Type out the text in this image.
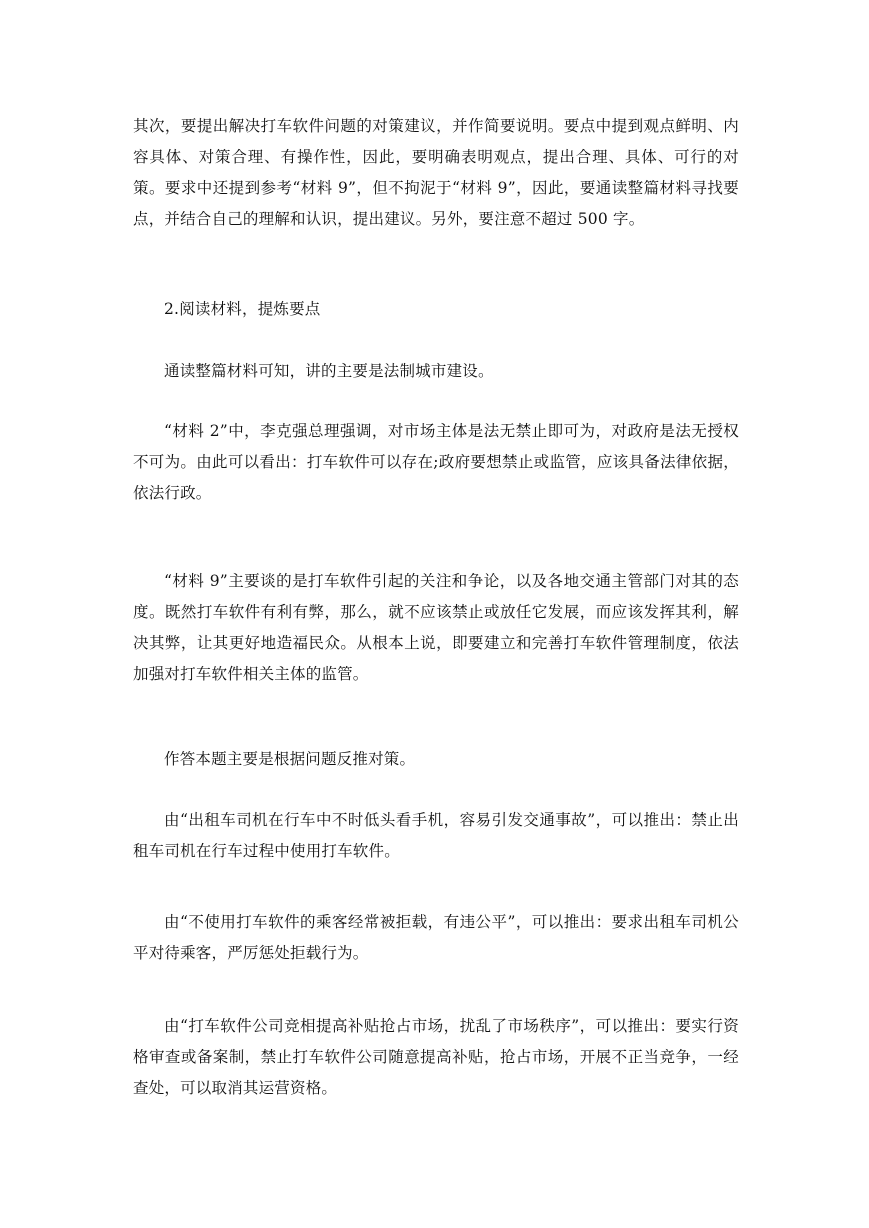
其次，要提出解决打车软件问题的对策建议，并作简要说明。要点中提到观点鲜明、内容具体、对策合理、有操作性，因此，要明确表明观点，提出合理、具体、可行的对策。要求中还提到参考“材料 9”，但不拘泥于“材料 9”，因此，要通读整篇材料寻找要点，并结合自己的理解和认识，提出建议。另外，要注意不超过 500 字。

2.阅读材料，提炼要点

通读整篇材料可知，讲的主要是法制城市建设。

“材料 2”中，李克强总理强调，对市场主体是法无禁止即可为，对政府是法无授权不可为。由此可以看出：打车软件可以存在;政府要想禁止或监管，应该具备法律依据，依法行政。

“材料 9”主要谈的是打车软件引起的关注和争论，以及各地交通主管部门对其的态度。既然打车软件有利有弊，那么，就不应该禁止或放任它发展，而应该发挥其利，解决其弊，让其更好地造福民众。从根本上说，即要建立和完善打车软件管理制度，依法加强对打车软件相关主体的监管。

作答本题主要是根据问题反推对策。

由“出租车司机在行车中不时低头看手机，容易引发交通事故”，可以推出：禁止出租车司机在行车过程中使用打车软件。

由“不使用打车软件的乘客经常被拒载，有违公平”，可以推出：要求出租车司机公平对待乘客，严厉惩处拒载行为。

由“打车软件公司竞相提高补贴抢占市场，扰乱了市场秩序”，可以推出：要实行资格审查或备案制，禁止打车软件公司随意提高补贴，抢占市场，开展不正当竞争，一经查处，可以取消其运营资格。
